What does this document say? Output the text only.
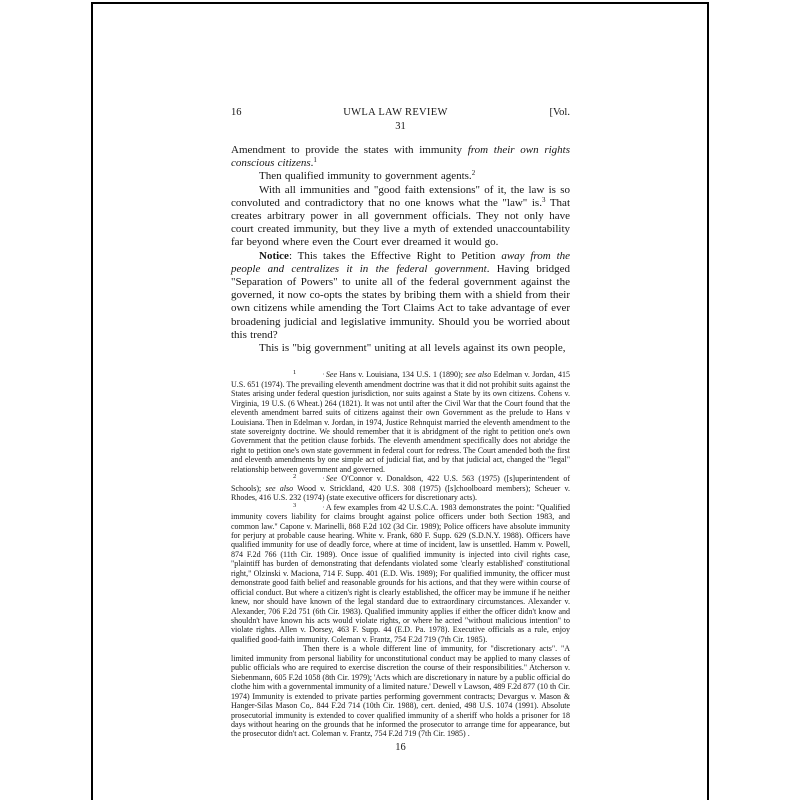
16	UWLA LAW REVIEW	[Vol.
31

Amendment to provide the states with immunity from their own rights conscious citizens.$^1$

Then qualified immunity to government agents.$^2$

With all immunities and "good faith extensions" of it, the law is so convoluted and contradictory that no one knows what the "law" is.$^3$ That creates arbitrary power in all government officials. They not only have court created immunity, but they live a myth of extended unaccountability far beyond where even the Court ever dreamed it would go.

Notice: This takes the Effective Right to Petition away from the people and centralizes it in the federal government. Having bridged "Separation of Powers" to unite all of the federal government against the governed, it now co-opts the states by bribing them with a shield from their own citizens while amending the Tort Claims Act to take advantage of ever broadening judicial and legislative immunity. Should you be worried about this trend?

This is "big government" uniting at all levels against its own people,

$^1$	·See Hans v. Louisiana, 134 U.S. 1 (1890); see also Edelman v. Jordan, 415 U.S. 651 (1974). The prevailing eleventh amendment doctrine was that it did not prohibit suits against the States arising under federal question jurisdiction, nor suits against a State by its own citizens. Cohens v. Virginia, 19 U.S. (6 Wheat.) 264 (1821). It was not until after the Civil War that the Court found that the eleventh amendment barred suits of citizens against their own Government as the prelude to Hans v Louisiana. Then in Edelman v. Jordan, in 1974, Justice Rehnquist married the eleventh amendment to the state sovereignty doctrine. We should remember that it is abridgment of the right to petition one's own Government that the petition clause forbids. The eleventh amendment specifically does not abridge the right to petition one's own state government in federal court for redress. The Court amended both the first and eleventh amendments by one simple act of judicial fiat, and by that judicial act, changed the "legal" relationship between government and governed.

$^2$	·See O'Connor v. Donaldson, 422 U.S. 563 (1975) ([s]uperintendent of Schools); see also Wood v. Strickland, 420 U.S. 308 (1975) ([s]choolboard members); Scheuer v. Rhodes, 416 U.S. 232 (1974) (state executive officers for discretionary acts).

$^3$	·A few examples from 42 U.S.C.A. 1983 demonstrates the point: "Qualified immunity covers liability for claims brought against police officers under both Section 1983, and common law." Capone v. Marinelli, 868 F.2d 102 (3d Cir. 1989); Police officers have absolute immunity for perjury at probable cause hearing. White v. Frank, 680 F. Supp. 629 (S.D.N.Y. 1988). Officers have qualified immunity for use of deadly force, where at time of incident, law is unsettled. Hamm v. Powell, 874 F.2d 766 (11th Cir. 1989). Once issue of qualified immunity is injected into civil rights case, "plaintiff has burden of demonstrating that defendants violated some 'clearly established' constitutional right," Olzinski v. Maciona, 714 F. Supp. 401 (E.D. Wis. 1989); For qualified immunity, the officer must demonstrate good faith belief and reasonable grounds for his actions, and that they were within course of official conduct. But where a citizen's right is clearly established, the officer may be immune if he neither knew, nor should have known of the legal standard due to extraordinary circumstances. Alexander v. Alexander, 706 F.2d 751 (6th Cir. 1983). Qualified immunity applies if either the officer didn't know and shouldn't have known his acts would violate rights, or where he acted "without malicious intention" to violate rights. Allen v. Dorsey, 463 F. Supp. 44 (E.D. Pa. 1978). Executive officials as a rule, enjoy qualified good-faith immunity. Coleman v. Frantz, 754 F.2d 719 (7th Cir. 1985).

Then there is a whole different line of immunity, for "discretionary acts". "A limited immunity from personal liability for unconstitutional conduct may be applied to many classes of public officials who are required to exercise discretion the course of their responsibilities." Atcherson v. Siebenmann, 605 F.2d 1058 (8th Cir. 1979); 'Acts which are discretionary in nature by a public official do clothe him with a governmental immunity of a limited nature.' Dewell v Lawson, 489 F.2d 877 (10 th Cir. 1974) Immunity is extended to private parties performing government contracts; Devargus v. Mason & Hanger-Silas Mason Co,. 844 F.2d 714 (10th Cir. 1988), cert. denied, 498 U.S. 1074 (1991). Absolute prosecutorial immunity is extended to cover qualified immunity of a sheriff who holds a prisoner for 18 days without hearing on the grounds that he informed the prosecutor to arrange time for appearance, but the prosecutor didn't act. Coleman v. Frantz, 754 F.2d 719 (7th Cir. 1985) .

16
